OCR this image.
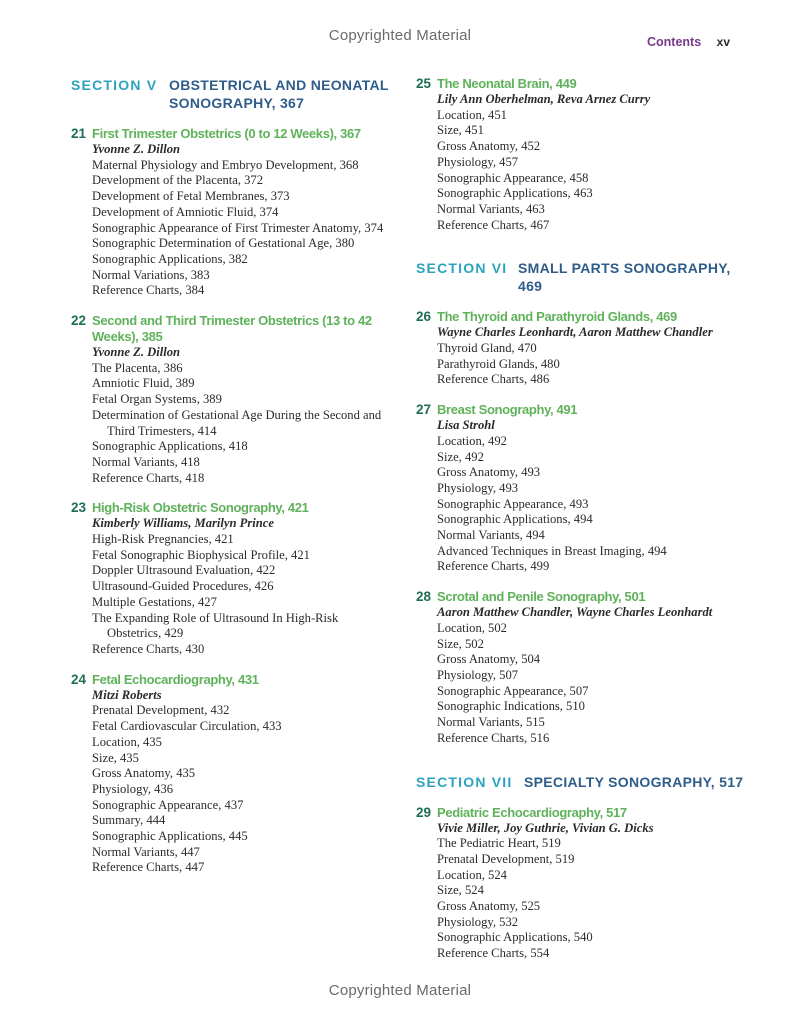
Copyrighted Material	Contents xv
SECTION V OBSTETRICAL AND NEONATAL SONOGRAPHY, 367
21 First Trimester Obstetrics (0 to 12 Weeks), 367
Yvonne Z. Dillon
Maternal Physiology and Embryo Development, 368
Development of the Placenta, 372
Development of Fetal Membranes, 373
Development of Amniotic Fluid, 374
Sonographic Appearance of First Trimester Anatomy, 374
Sonographic Determination of Gestational Age, 380
Sonographic Applications, 382
Normal Variations, 383
Reference Charts, 384
22 Second and Third Trimester Obstetrics (13 to 42 Weeks), 385
Yvonne Z. Dillon
The Placenta, 386
Amniotic Fluid, 389
Fetal Organ Systems, 389
Determination of Gestational Age During the Second and Third Trimesters, 414
Sonographic Applications, 418
Normal Variants, 418
Reference Charts, 418
23 High-Risk Obstetric Sonography, 421
Kimberly Williams, Marilyn Prince
High-Risk Pregnancies, 421
Fetal Sonographic Biophysical Profile, 421
Doppler Ultrasound Evaluation, 422
Ultrasound-Guided Procedures, 426
Multiple Gestations, 427
The Expanding Role of Ultrasound In High-Risk Obstetrics, 429
Reference Charts, 430
24 Fetal Echocardiography, 431
Mitzi Roberts
Prenatal Development, 432
Fetal Cardiovascular Circulation, 433
Location, 435
Size, 435
Gross Anatomy, 435
Physiology, 436
Sonographic Appearance, 437
Summary, 444
Sonographic Applications, 445
Normal Variants, 447
Reference Charts, 447
25 The Neonatal Brain, 449
Lily Ann Oberhelman, Reva Arnez Curry
Location, 451
Size, 451
Gross Anatomy, 452
Physiology, 457
Sonographic Appearance, 458
Sonographic Applications, 463
Normal Variants, 463
Reference Charts, 467
SECTION VI SMALL PARTS SONOGRAPHY, 469
26 The Thyroid and Parathyroid Glands, 469
Wayne Charles Leonhardt, Aaron Matthew Chandler
Thyroid Gland, 470
Parathyroid Glands, 480
Reference Charts, 486
27 Breast Sonography, 491
Lisa Strohl
Location, 492
Size, 492
Gross Anatomy, 493
Physiology, 493
Sonographic Appearance, 493
Sonographic Applications, 494
Normal Variants, 494
Advanced Techniques in Breast Imaging, 494
Reference Charts, 499
28 Scrotal and Penile Sonography, 501
Aaron Matthew Chandler, Wayne Charles Leonhardt
Location, 502
Size, 502
Gross Anatomy, 504
Physiology, 507
Sonographic Appearance, 507
Sonographic Indications, 510
Normal Variants, 515
Reference Charts, 516
SECTION VII SPECIALTY SONOGRAPHY, 517
29 Pediatric Echocardiography, 517
Vivie Miller, Joy Guthrie, Vivian G. Dicks
The Pediatric Heart, 519
Prenatal Development, 519
Location, 524
Size, 524
Gross Anatomy, 525
Physiology, 532
Sonographic Applications, 540
Reference Charts, 554
Copyrighted Material
